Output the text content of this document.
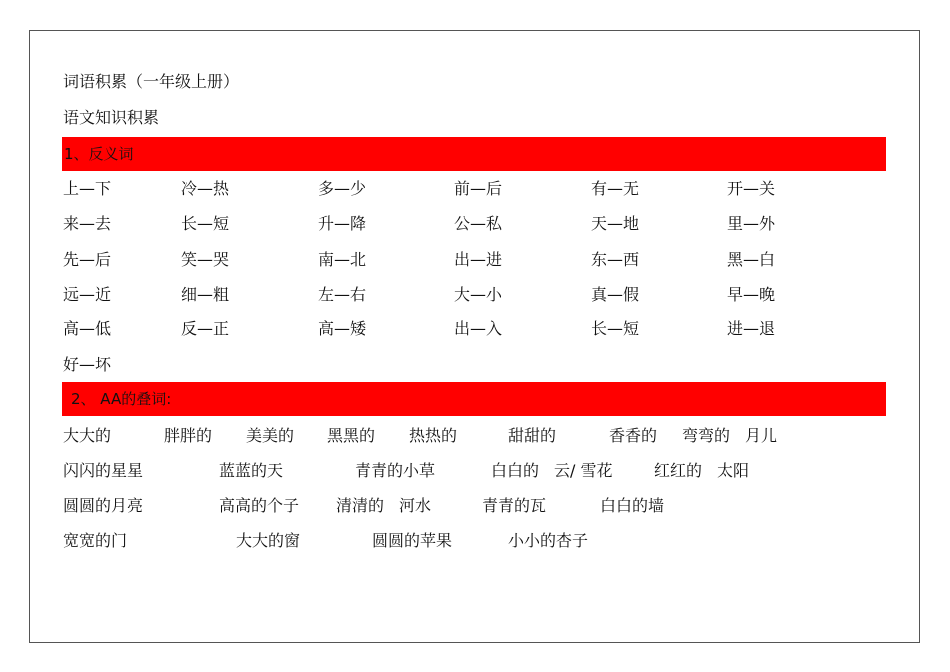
词语积累（一年级上册）
语文知识积累
1、反义词
上—下	冷—热	多—少	前—后	有—无	开—关
来—去	长—短	升—降	公—私	天—地	里—外
先—后	笑—哭	南—北	出—进	东—西	黑—白
远—近	细—粗	左—右	大—小	真—假	早—晚
高—低	反—正	高—矮	出—入	长—短	进—退
好—坏
2、 AA的叠词:
大大的	胖胖的 美美的 黑黑的 热热的	甜甜的	香香的 弯弯的 月儿
闪闪的星星	蓝蓝的天	青青的小草	白白的 云/ 雪花	红红的 太阳
圆圆的月亮	高高的个子 清清的 河水	青青的瓦	白白的墙
宽宽的门	大大的窗	圆圆的苹果	小小的杏子
